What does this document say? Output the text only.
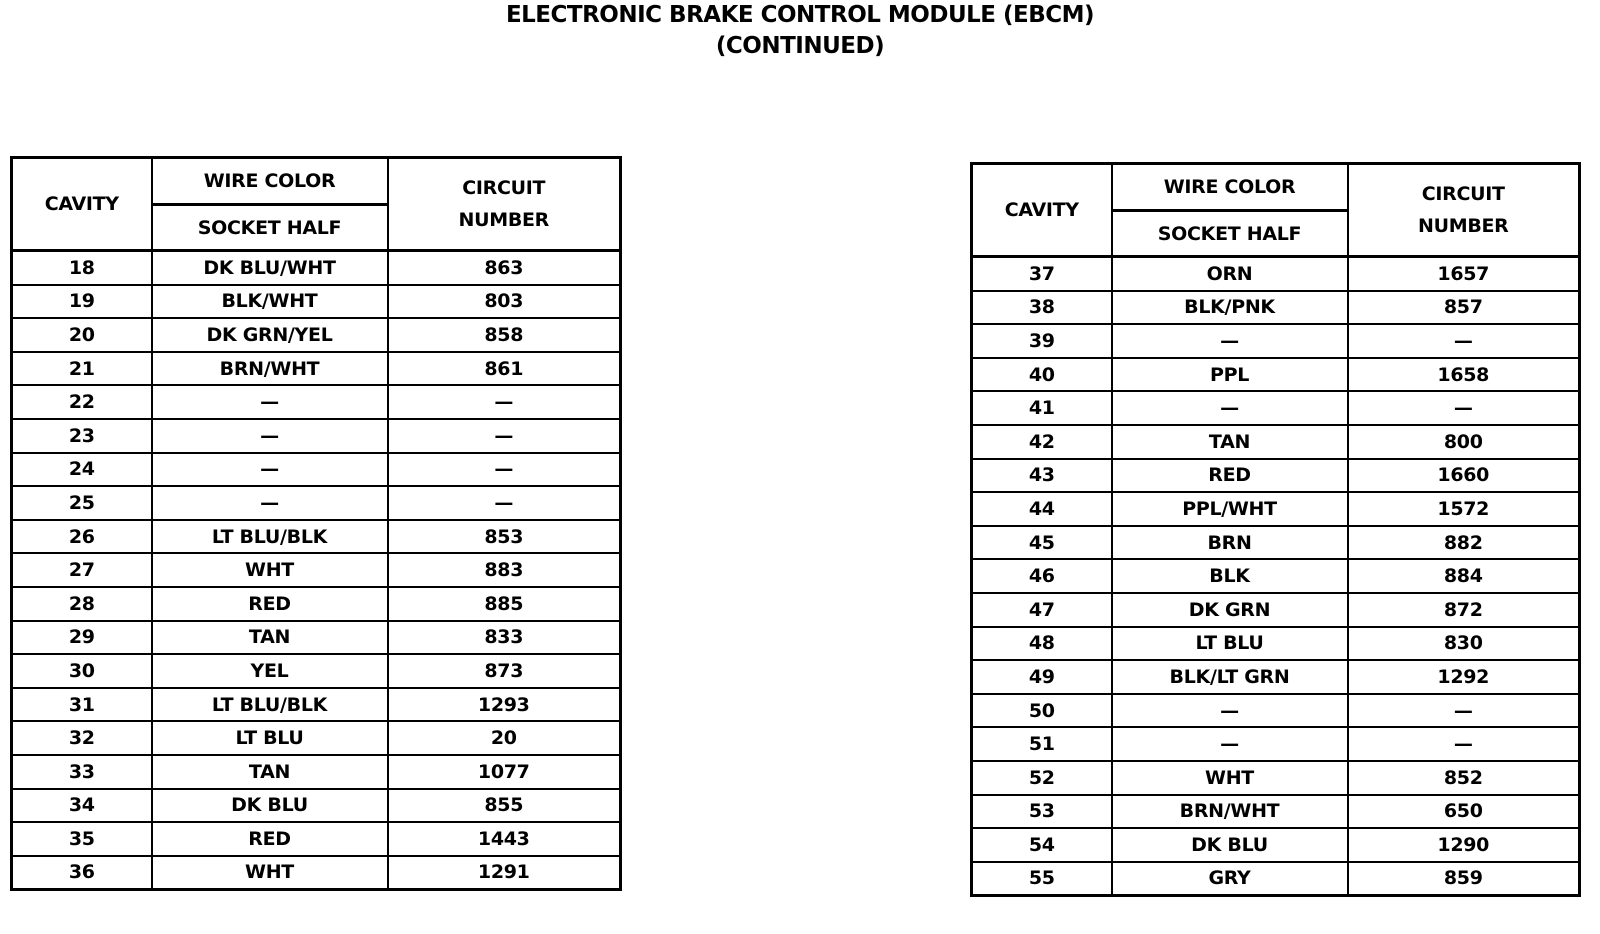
ELECTRONIC BRAKE CONTROL MODULE (EBCM)
(CONTINUED)
CAVITY	WIRE COLOR	CIRCUIT
NUMBER

	SOCKET HALF	
18	DK BLU/WHT	863
19	BLK/WHT	803
20	DK GRN/YEL	858
21	BRN/WHT	861
22	—	—
23	—	—
24	—	—
25	—	—
26	LT BLU/BLK	853
27	WHT	883
28	RED	885
29	TAN	833
30	YEL	873
31	LT BLU/BLK	1293
32	LT BLU	20
33	TAN	1077
34	DK BLU	855
35	RED	1443
36	WHT	1291
CAVITY	WIRE COLOR	CIRCUIT
NUMBER

	SOCKET HALF	
37	ORN	1657
38	BLK/PNK	857
39	—	—
40	PPL	1658
41	—	—
42	TAN	800
43	RED	1660
44	PPL/WHT	1572
45	BRN	882
46	BLK	884
47	DK GRN	872
48	LT BLU	830
49	BLK/LT GRN	1292
50	—	—
51	—	—
52	WHT	852
53	BRN/WHT	650
54	DK BLU	1290
55	GRY	859
